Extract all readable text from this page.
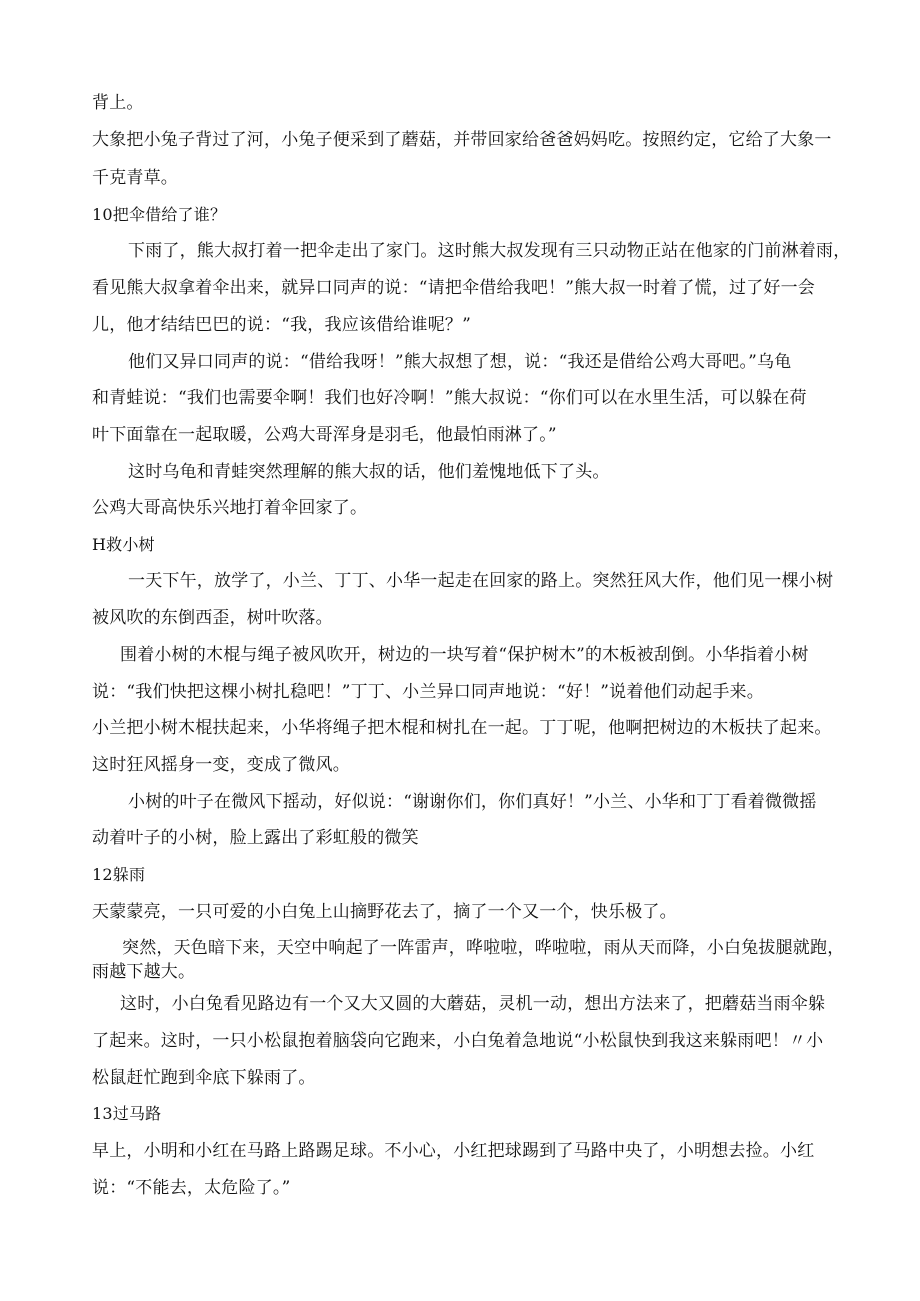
背上。

大象把小兔子背过了河，小兔子便采到了蘑菇，并带回家给爸爸妈妈吃。按照约定，它给了大象一

千克青草。

10把伞借给了谁？

下雨了，熊大叔打着一把伞走出了家门。这时熊大叔发现有三只动物正站在他家的门前淋着雨，

看见熊大叔拿着伞出来，就异口同声的说：“请把伞借给我吧！”熊大叔一时着了慌，过了好一会

儿，他才结结巴巴的说：“我，我应该借给谁呢？”

他们又异口同声的说：“借给我呀！”熊大叔想了想，说：“我还是借给公鸡大哥吧。”乌龟

和青蛙说：“我们也需要伞啊！我们也好冷啊！”熊大叔说：“你们可以在水里生活，可以躲在荷

叶下面靠在一起取暖，公鸡大哥浑身是羽毛，他最怕雨淋了。”

这时乌龟和青蛙突然理解的熊大叔的话，他们羞愧地低下了头。

公鸡大哥高快乐兴地打着伞回家了。

H救小树

一天下午，放学了，小兰、丁丁、小华一起走在回家的路上。突然狂风大作，他们见一棵小树

被风吹的东倒西歪，树叶吹落。

围着小树的木棍与绳子被风吹开，树边的一块写着“保护树木”的木板被刮倒。小华指着小树

说：“我们快把这棵小树扎稳吧！”丁丁、小兰异口同声地说：“好！”说着他们动起手来。

小兰把小树木棍扶起来，小华将绳子把木棍和树扎在一起。丁丁呢，他啊把树边的木板扶了起来。

这时狂风摇身一变，变成了微风。

小树的叶子在微风下摇动，好似说：“谢谢你们，你们真好！”小兰、小华和丁丁看着微微摇

动着叶子的小树，脸上露出了彩虹般的微笑

12躲雨

天蒙蒙亮，一只可爱的小白兔上山摘野花去了，摘了一个又一个，快乐极了。

突然，天色暗下来，天空中响起了一阵雷声，哗啦啦，哗啦啦，雨从天而降，小白兔拔腿就跑，

雨越下越大。

这时，小白兔看见路边有一个又大又圆的大蘑菇，灵机一动，想出方法来了，把蘑菇当雨伞躲

了起来。这时，一只小松鼠抱着脑袋向它跑来，小白兔着急地说“小松鼠快到我这来躲雨吧！〃小

松鼠赶忙跑到伞底下躲雨了。

13过马路

早上，小明和小红在马路上路踢足球。不小心，小红把球踢到了马路中央了，小明想去捡。小红

说：“不能去，太危险了。”
